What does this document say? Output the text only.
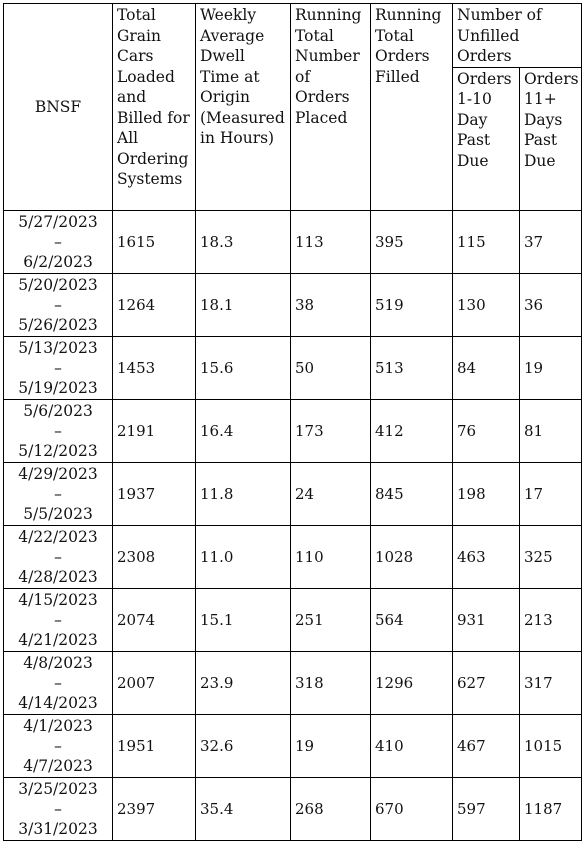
BNSF	Total Grain Cars Loaded and Billed for All Ordering Systems	Weekly Average Dwell Time at Origin (Measured in Hours)	Running Total Number of Orders Placed	Running Total Orders Filled	Number of Unfilled Orders	
					Orders 1-10 Day Past Due	Orders 11+ Days Past Due

5/27/2023
–
6/2/2023	1615	18.3	113	395	115	37

5/20/2023
–
5/26/2023	1264	18.1	38	519	130	36

5/13/2023
–
5/19/2023	1453	15.6	50	513	84	19

5/6/2023
–
5/12/2023	2191	16.4	173	412	76	81

4/29/2023
–
5/5/2023	1937	11.8	24	845	198	17

4/22/2023
–
4/28/2023	2308	11.0	110	1028	463	325

4/15/2023
–
4/21/2023	2074	15.1	251	564	931	213

4/8/2023
–
4/14/2023	2007	23.9	318	1296	627	317

4/1/2023
–
4/7/2023	1951	32.6	19	410	467	1015

3/25/2023
–
3/31/2023	2397	35.4	268	670	597	1187
